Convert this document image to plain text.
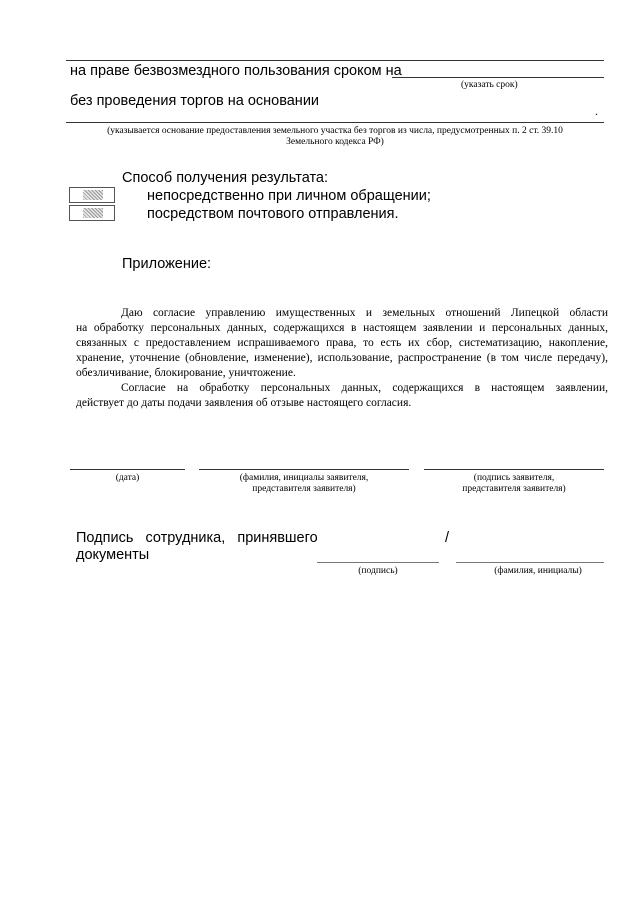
на праве безвозмездного пользования сроком на
(указать срок)
без проведения торгов на основании
.
(указывается основание предоставления земельного участка без торгов из числа, предусмотренных п. 2 ст. 39.10
Земельного кодекса РФ)
Способ получения результата:
непосредственно при личном обращении;
посредством почтового отправления.
Приложение:
Даю согласие управлению имущественных и земельных отношений Липецкой области
на обработку персональных данных, содержащихся в настоящем заявлении и персональных данных, связанных с предоставлением испрашиваемого права, то есть их сбор, систематизацию, накопление, хранение, уточнение (обновление, изменение), использование, распространение (в том числе передачу), обезличивание, блокирование, уничтожение.
Согласие на обработку персональных данных, содержащихся в настоящем заявлении,
действует до даты подачи заявления об отзыве настоящего согласия.
(дата)	(фамилия, инициалы заявителя,
представителя заявителя)
(подпись заявителя,
представителя заявителя)
Подпись   сотрудника,   принявшего
документы
/
(подпись)	(фамилия, инициалы)
